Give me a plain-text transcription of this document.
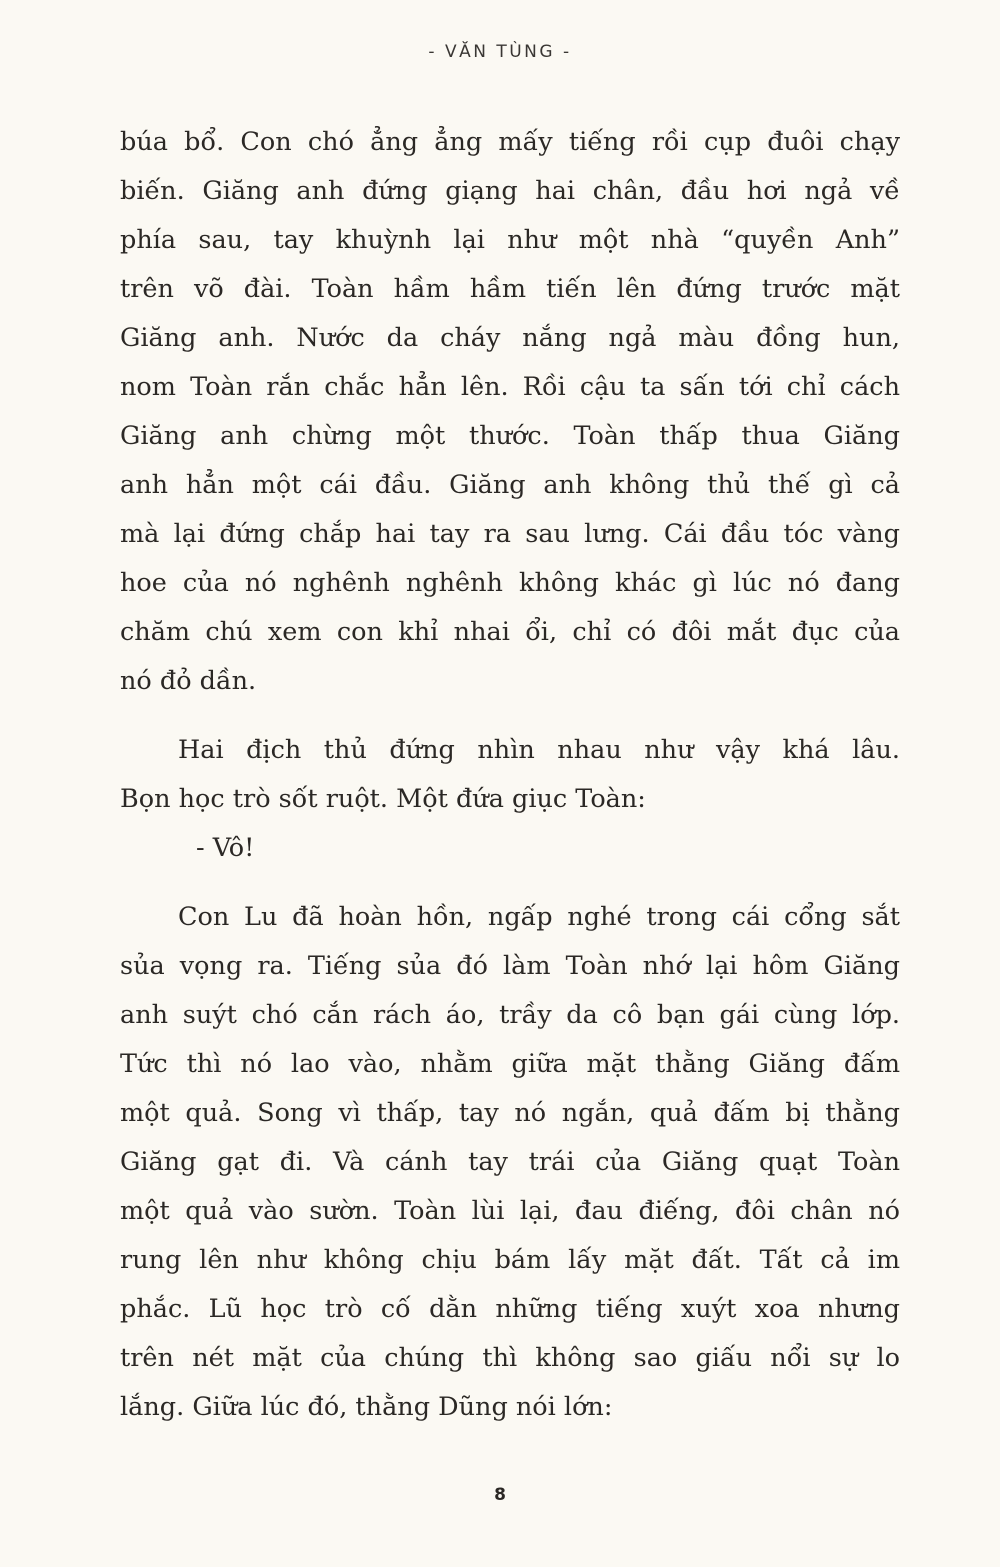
- VĂN TÙNG -
búa bổ. Con chó ẳng ẳng mấy tiếng rồi cụp đuôi chạy
biến. Giăng anh đứng giạng hai chân, đầu hơi ngả về
phía sau, tay khuỳnh lại như một nhà “quyền Anh”
trên võ đài. Toàn hầm hầm tiến lên đứng trước mặt
Giăng anh. Nước da cháy nắng ngả màu đồng hun,
nom Toàn rắn chắc hẳn lên. Rồi cậu ta sấn tới chỉ cách
Giăng anh chừng một thước. Toàn thấp thua Giăng
anh hẳn một cái đầu. Giăng anh không thủ thế gì cả
mà lại đứng chắp hai tay ra sau lưng. Cái đầu tóc vàng
hoe của nó nghênh nghênh không khác gì lúc nó đang
chăm chú xem con khỉ nhai ổi, chỉ có đôi mắt đục của
nó đỏ dần.
Hai địch thủ đứng nhìn nhau như vậy khá lâu.
Bọn học trò sốt ruột. Một đứa giục Toàn:
- Vô!
Con Lu đã hoàn hồn, ngấp nghé trong cái cổng sắt
sủa vọng ra. Tiếng sủa đó làm Toàn nhớ lại hôm Giăng
anh suýt chó cắn rách áo, trầy da cô bạn gái cùng lớp.
Tức thì nó lao vào, nhằm giữa mặt thằng Giăng đấm
một quả. Song vì thấp, tay nó ngắn, quả đấm bị thằng
Giăng gạt đi. Và cánh tay trái của Giăng quạt Toàn
một quả vào sườn. Toàn lùi lại, đau điếng, đôi chân nó
rung lên như không chịu bám lấy mặt đất. Tất cả im
phắc. Lũ học trò cố dằn những tiếng xuýt xoa nhưng
trên nét mặt của chúng thì không sao giấu nổi sự lo
lắng. Giữa lúc đó, thằng Dũng nói lớn:
8
